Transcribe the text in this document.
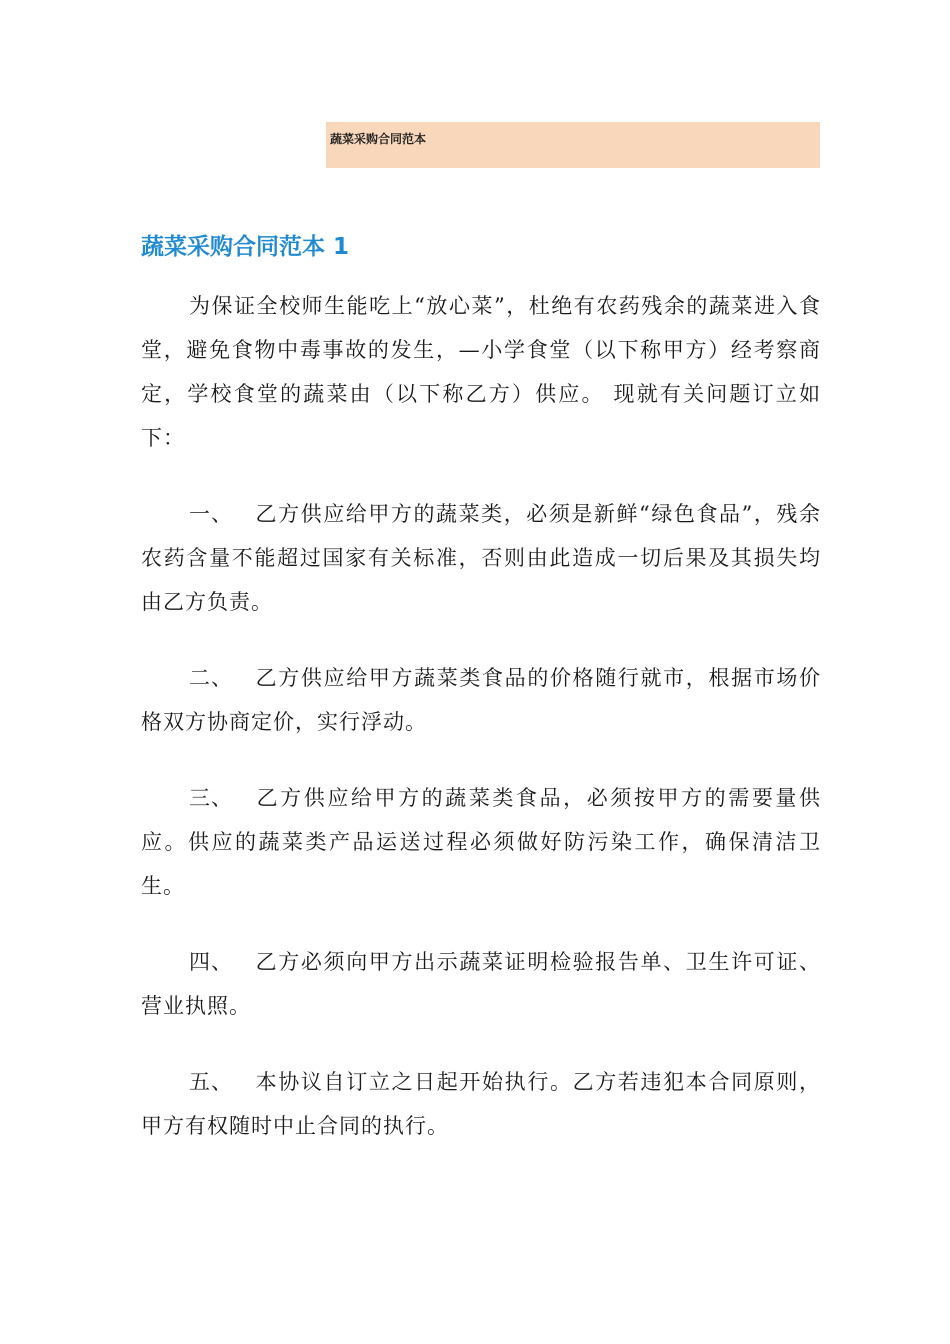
蔬菜采购合同范本
蔬菜采购合同范本 1

为保证全校师生能吃上“放心菜”，杜绝有农药残余的蔬菜进入食堂，避免食物中毒事故的发生，—小学食堂（以下称甲方）经考察商定，学校食堂的蔬菜由（以下称乙方）供应。 现就有关问题订立如下：

一、 乙方供应给甲方的蔬菜类，必须是新鲜“绿色食品”，残余农药含量不能超过国家有关标准，否则由此造成一切后果及其损失均由乙方负责。

二、 乙方供应给甲方蔬菜类食品的价格随行就市，根据市场价格双方协商定价，实行浮动。

三、 乙方供应给甲方的蔬菜类食品，必须按甲方的需要量供应。供应的蔬菜类产品运送过程必须做好防污染工作，确保清洁卫生。

四、 乙方必须向甲方出示蔬菜证明检验报告单、卫生许可证、 营业执照。

五、 本协议自订立之日起开始执行。乙方若违犯本合同原则， 甲方有权随时中止合同的执行。
